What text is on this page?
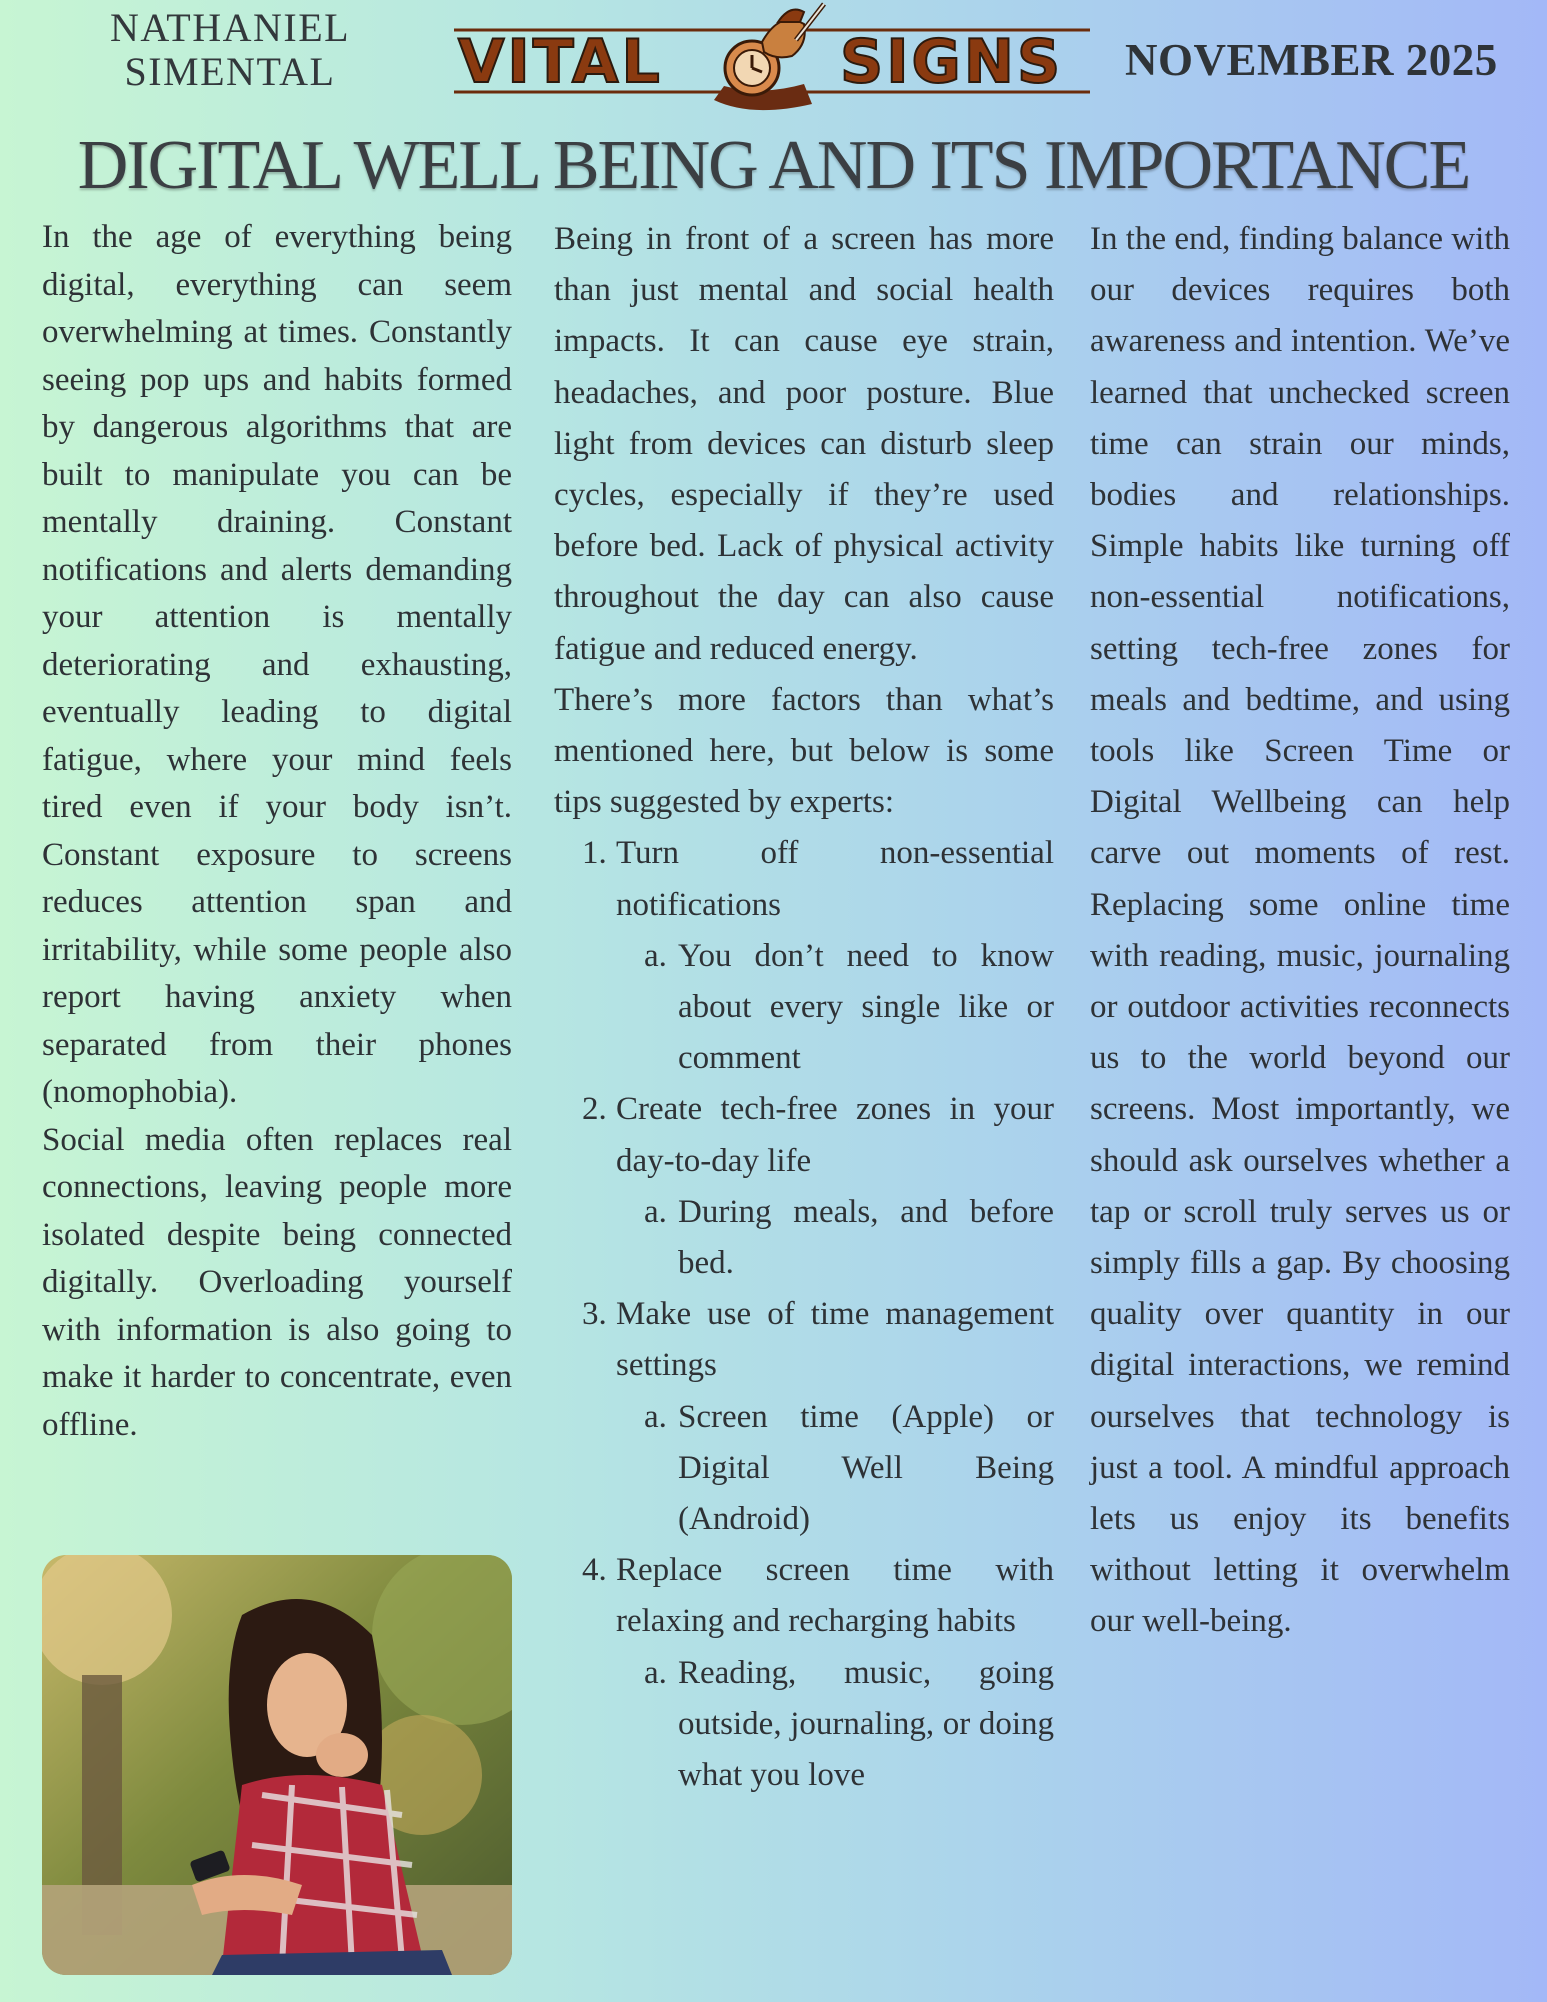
NATHANIEL
SIMENTAL	VITAL	SIGNS NOVEMBER 2025
DIGITAL WELL BEING AND ITS IMPORTANCE

In the age of everything being digital, everything can seem overwhelming at times. Constantly seeing pop ups and habits formed by dangerous algorithms that are built to manipulate you can be mentally draining. Constant notifications and alerts demanding your attention is mentally deteriorating and exhausting, eventually leading to digital fatigue, where your mind feels tired even if your body isn’t. Constant exposure to screens reduces attention span and irritability, while some people also report having anxiety when separated from their phones (nomophobia).

Social media often replaces real connections, leaving people more isolated despite being connected digitally. Overloading yourself with information is also going to make it harder to concentrate, even offline.

Being in front of a screen has more than just mental and social health impacts. It can cause eye strain, headaches, and poor posture. Blue light from devices can disturb sleep cycles, especially if they’re used before bed. Lack of physical activity throughout the day can also cause fatigue and reduced energy.

There’s more factors than what’s mentioned here, but below is some tips suggested by experts:

Turn off non-essential notifications
a. You don’t need to know about every single like or comment
Create tech-free zones in your day-to-day life
a. During meals, and before bed.
Make use of time management settings
a. Screen time (Apple) or Digital Well Being (Android)
Replace screen time with relaxing and recharging habits
a. Reading, music, going outside, journaling, or doing what you love

In the end, finding balance with our devices requires both awareness and intention. We’ve learned that unchecked screen time can strain our minds, bodies and relationships. Simple habits like turning off non-essential notifications, setting tech-free zones for meals and bedtime, and using tools like Screen Time or Digital Wellbeing can help carve out moments of rest. Replacing some online time with reading, music, journaling or outdoor activities reconnects us to the world beyond our screens. Most importantly, we should ask ourselves whether a tap or scroll truly serves us or simply fills a gap. By choosing quality over quantity in our digital interactions, we remind ourselves that technology is just a tool. A mindful approach lets us enjoy its benefits without letting it overwhelm our well-being.
